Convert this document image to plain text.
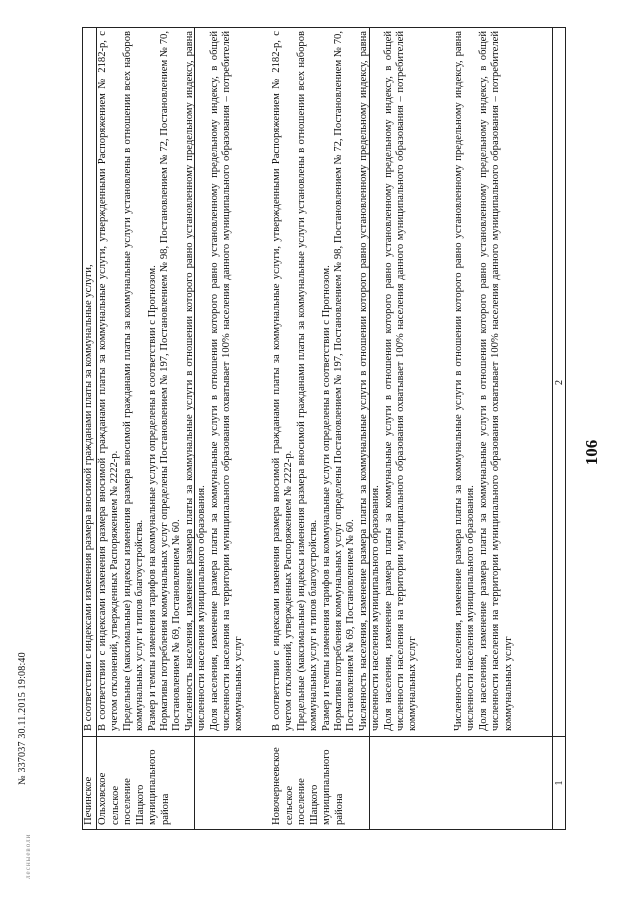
106
№ 337037 30.11.2015 19:08:40
лесныеволи
1
2
Численность населения, изменение размера платы за коммунальные услуги в отношении которого равно установленному предельному индексу, равна численности населения муниципального образования. Доля населения, изменение размера платы за коммунальные услуги в отношении которого равно установленному предельному индексу, в общей численности населения на территории муниципального образования охватывает 100% населения данного муниципального образования – потребителей коммунальных услуг
Новочернеевское сельское поселение Шацкого муниципального района
В соответствии с индексами изменения размера вносимой гражданами платы за коммунальные услуги, утвержденными Распоряжением № 2182-р, с учетом отклонений, утвержденных Распоряжением № 2222-р. Предельные (максимальные) индексы изменения размера вносимой гражданами платы за коммунальные услуги установлены в отношении всех наборов коммунальных услуг и типов благоустройства. Размер и темпы изменения тарифов на коммунальные услуги определены в соответствии с Прогнозом. Нормативы потребления коммунальных услуг определены Постановлением № 197, Постановлением № 98, Постановлением № 72, Постановлением № 70, Постановлением № 69, Постановлением № 60. Численность населения, изменение размера платы за коммунальные услуги в отношении которого равно установленному предельному индексу, равна численности населения муниципального образования. Доля населения, изменение размера платы за коммунальные услуги в отношении которого равно установленному предельному индексу, в общей численности населения на территории муниципального образования охватывает 100% населения данного муниципального образования – потребителей коммунальных услуг
Ольховское сельское поселение Шацкого муниципального района
В соответствии с индексами изменения размера вносимой гражданами платы за коммунальные услуги, утвержденными Распоряжением № 2182-р, с учетом отклонений, утвержденных Распоряжением № 2222-р. Предельные (максимальные) индексы изменения размера вносимой гражданами платы за коммунальные услуги установлены в отношении всех наборов коммунальных услуг и типов благоустройства. Размер и темпы изменения тарифов на коммунальные услуги определены в соответствии с Прогнозом. Нормативы потребления коммунальных услуг определены Постановлением № 197, Постановлением № 98, Постановлением № 72, Постановлением № 70, Постановлением № 69, Постановлением № 60. Численность населения, изменение размера платы за коммунальные услуги в отношении которого равно установленному предельному индексу, равна численности населения муниципального образования. Доля населения, изменение размера платы за коммунальные услуги в отношении которого равно установленному предельному индексу, в общей численности населения на территории муниципального образования охватывает 100% населения данного муниципального образования – потребителей коммунальных услуг
Печинское
В соответствии с индексами изменения размера вносимой гражданами платы за коммунальные услуги,
